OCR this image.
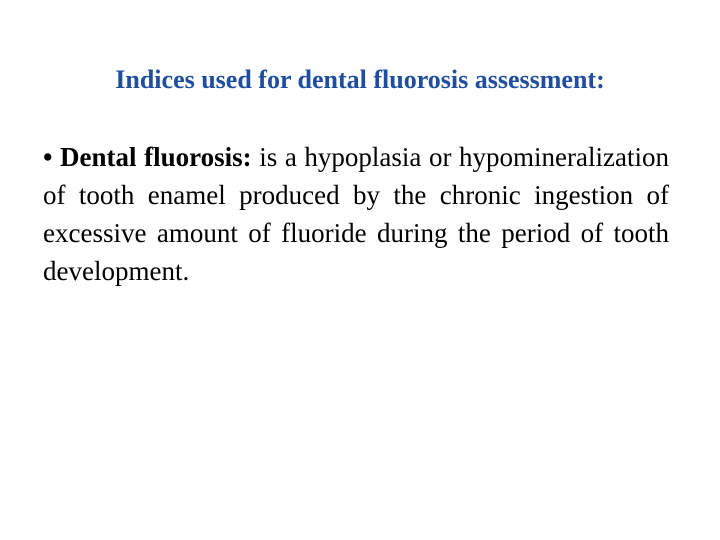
Indices used for dental fluorosis assessment:
• Dental fluorosis: is a hypoplasia or hypomineralization of tooth enamel produced by the chronic ingestion of excessive amount of fluoride during the period of tooth development.
